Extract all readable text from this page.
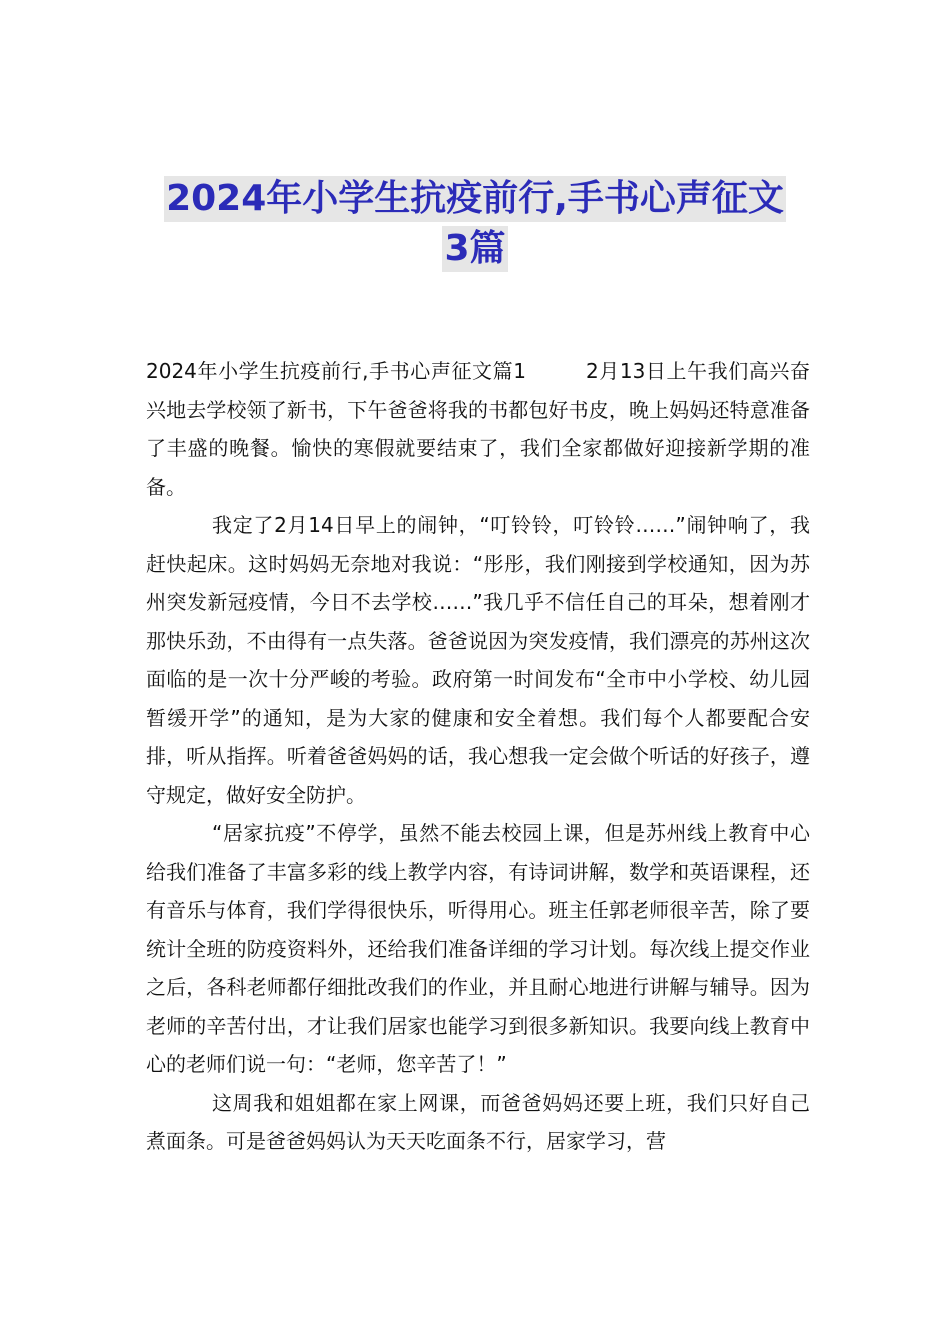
2024年小学生抗疫前行,手书心声征文
3篇

2024年小学生抗疫前行,手书心声征文篇1	2月13日上午我们高兴奋兴地去学校领了新书，下午爸爸将我的书都包好书皮，晚上妈妈还特意准备了丰盛的晚餐。愉快的寒假就要结束了，我们全家都做好迎接新学期的准备。

我定了2月14日早上的闹钟，“叮铃铃，叮铃铃……”闹钟响了，我赶快起床。这时妈妈无奈地对我说：“彤彤，我们刚接到学校通知，因为苏州突发新冠疫情，今日不去学校……”我几乎不信任自己的耳朵，想着刚才那快乐劲，不由得有一点失落。爸爸说因为突发疫情，我们漂亮的苏州这次面临的是一次十分严峻的考验。政府第一时间发布“全市中小学校、幼儿园暂缓开学”的通知，是为大家的健康和安全着想。我们每个人都要配合安排，听从指挥。听着爸爸妈妈的话，我心想我一定会做个听话的好孩子，遵守规定，做好安全防护。

“居家抗疫”不停学，虽然不能去校园上课，但是苏州线上教育中心给我们准备了丰富多彩的线上教学内容，有诗词讲解，数学和英语课程，还有音乐与体育，我们学得很快乐，听得用心。班主任郭老师很辛苦，除了要统计全班的防疫资料外，还给我们准备详细的学习计划。每次线上提交作业之后，各科老师都仔细批改我们的作业，并且耐心地进行讲解与辅导。因为老师的辛苦付出，才让我们居家也能学习到很多新知识。我要向线上教育中心的老师们说一句：“老师，您辛苦了！”

这周我和姐姐都在家上网课，而爸爸妈妈还要上班，我们只好自己煮面条。可是爸爸妈妈认为天天吃面条不行，居家学习，营
